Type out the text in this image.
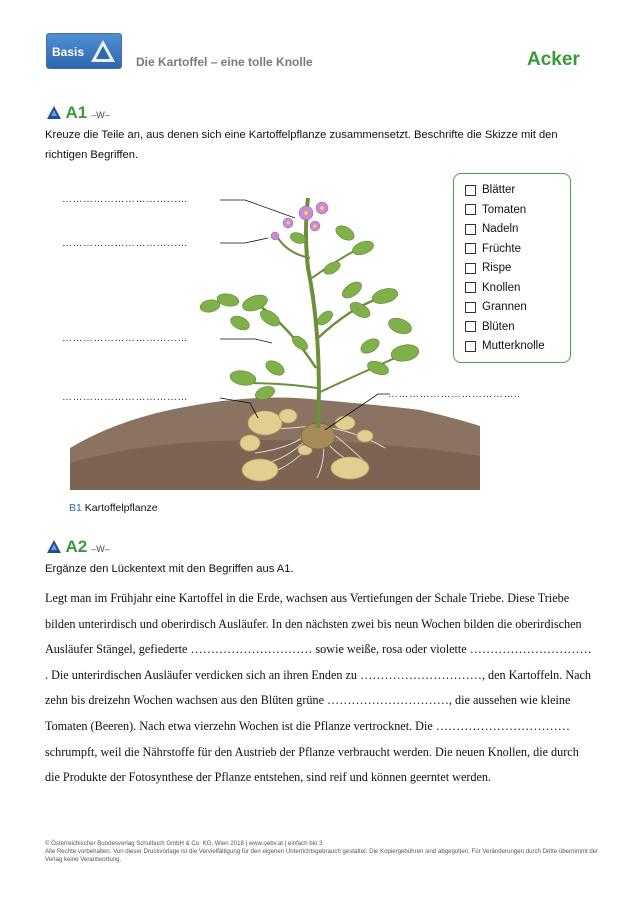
Basis
Die Kartoffel – eine tolle Knolle	Acker
A1 –W–
Kreuze die Teile an, aus denen sich eine Kartoffelpflanze zusammensetzt. Beschrifte die Skizze mit den richtigen Begriffen.
………………………………
………………………………
………………………………
………………………………	………………………………..
Blätter
Tomaten
Nadeln
Früchte
Rispe
Knollen
Grannen
Blüten
Mutterknolle
B1 Kartoffelpflanze
A2 –W–
Ergänze den Lückentext mit den Begriffen aus A1.
Legt man im Frühjahr eine Kartoffel in die Erde, wachsen aus Vertiefungen der Schale Triebe. Diese Triebe bilden unterirdisch und oberirdisch Ausläufer. In den nächsten zwei bis neun Wochen bilden die oberirdischen Ausläufer Stängel, gefiederte ………………………… sowie weiße, rosa oder violette ………………………… . Die unterirdischen Ausläufer verdicken sich an ihren Enden zu …………………………, den Kartoffeln. Nach zehn bis dreizehn Wochen wachsen aus den Blüten grüne …………………………, die aussehen wie kleine Tomaten (Beeren). Nach etwa vierzehn Wochen ist die Pflanze vertrocknet. Die …………………………… schrumpft, weil die Nährstoffe für den Austrieb der Pflanze verbraucht werden. Die neuen Knollen, die durch die Produkte der Fotosynthese der Pflanze entstehen, sind reif und können geerntet werden.
© Österreichischer Bundesverlag Schulbuch GmbH & Co. KG, Wien 2018 | www.oebv.at | einfach bio 3
Alle Rechte vorbehalten. Von dieser Druckvorlage ist die Vervielfältigung für den eigenen Unterrichtsgebrauch gestattet. Die Kopiergebühren sind abgegolten. Für Veränderungen durch Dritte übernimmt der Verlag keine Verantwortung.
